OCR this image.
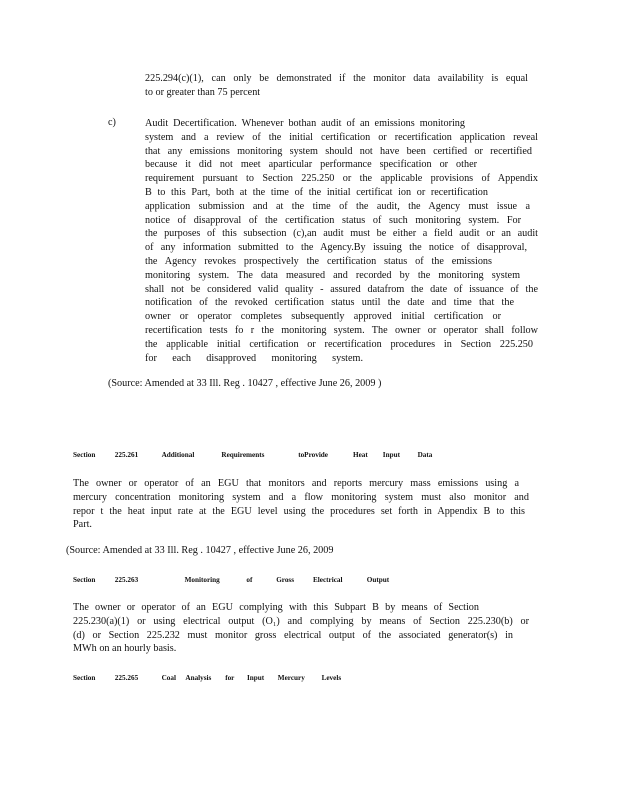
225.294(c)(1), can only be demonstrated if the monitor data availability is equal

to or greater than 75 percent

c)	Audit Decertification. Whenever bothan audit of an emissions monitoring

system and a review of the initial certification or recertification application reveal

that any emissions monitoring system should not have been certified or recertified

because it did not meet aparticular performance specification or other

requirement pursuant to Section 225.250 or the applicable provisions of Appendix

B to this Part, both at the time of the initial certificat ion or recertification

application submission and at the time of the audit, the Agency must issue a

notice of disapproval of the certification status of such monitoring system. For

the purposes of this subsection (c),an audit must be either a field audit or an audit

of any information submitted to the Agency.By issuing the notice of disapproval,

the Agency revokes prospectively the certification status of the emissions

monitoring system. The data measured and recorded by the monitoring system

shall not be considered valid quality - assured datafrom the date of issuance of the

notification of the revoked certification status until the date and time that the

owner or operator completes subsequently approved initial certification or

recertification tests fo r the monitoring system. The owner or operator shall follow

the applicable initial certification or recertification procedures in Section 225.250

for each disapproved monitoring system.

(Source: Amended at 33 Ill. Reg . 10427 , effective June 26, 2009 )
Section	225.261	Additional	Requirements	toProvide	Heat Input Data

The owner or operator of an EGU that monitors and reports mercury mass emissions using a

mercury concentration monitoring system and a flow monitoring system must also monitor and

repor t the heat input rate at the EGU level using the procedures set forth in Appendix B to this

Part.

(Source: Amended at 33 Ill. Reg . 10427 , effective June 26, 2009
Section	225.263	Monitoring	of	Gross	Electrical	Output

The owner or operator of an EGU complying with this Subpart B by means of Section

225.230(a)(1) or using electrical output (O₁) and complying by means of Section 225.230(b) or

(d) or Section 225.232 must monitor gross electrical output of the associated generator(s) in

MWh on an hourly basis.

Section	225.265	Coal Analysis for Input Mercury Levels
